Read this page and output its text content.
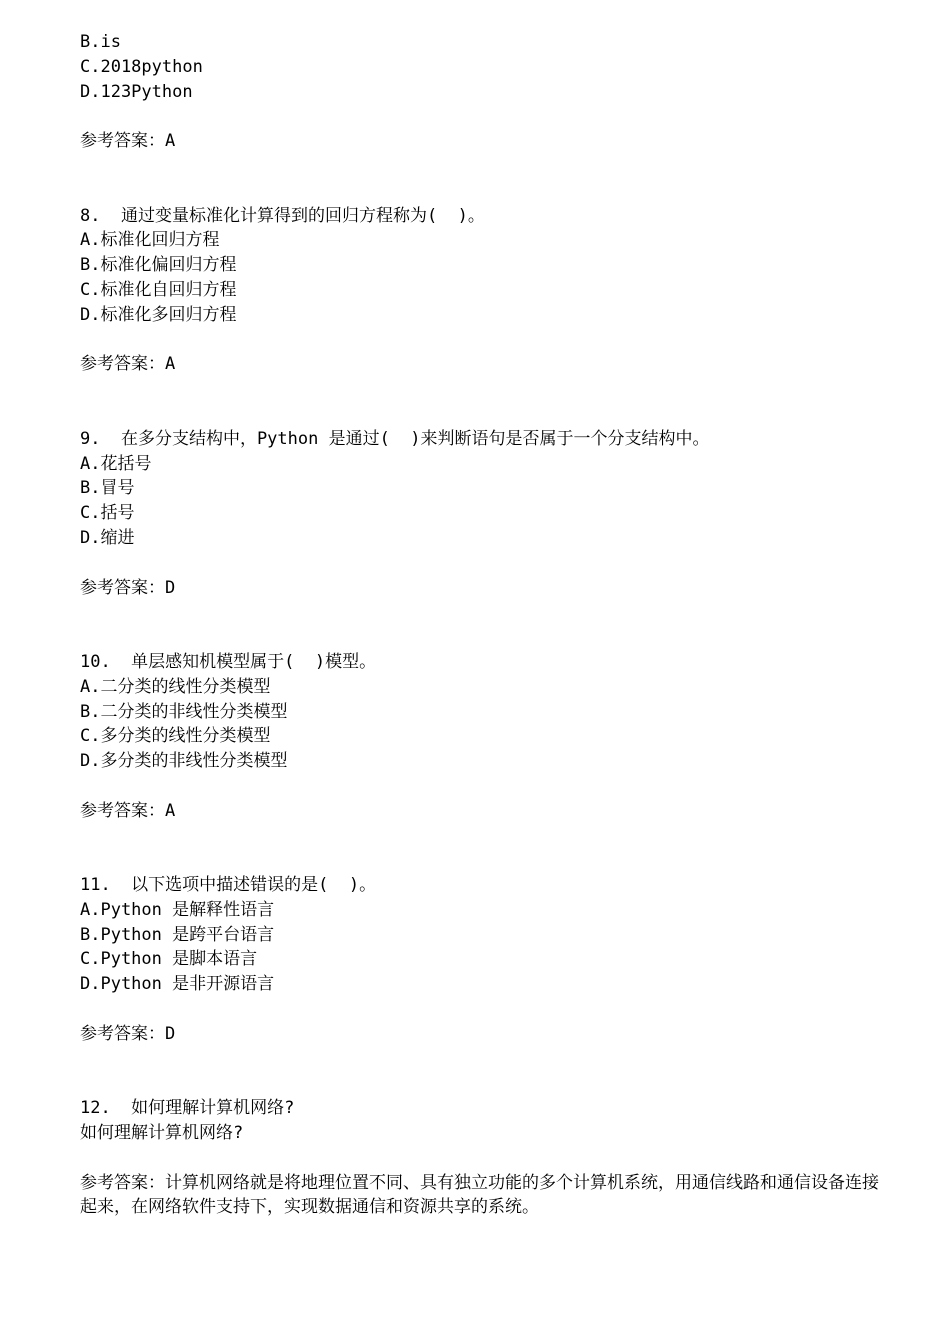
B.is

C.2018python

D.123Python

参考答案：A

8.  通过变量标准化计算得到的回归方程称为(  )。

A.标准化回归方程

B.标准化偏回归方程

C.标准化自回归方程

D.标准化多回归方程

参考答案：A

9.  在多分支结构中，Python 是通过(  )来判断语句是否属于一个分支结构中。

A.花括号

B.冒号

C.括号

D.缩进

参考答案：D

10.  单层感知机模型属于(  )模型。

A.二分类的线性分类模型

B.二分类的非线性分类模型

C.多分类的线性分类模型

D.多分类的非线性分类模型

参考答案：A

11.  以下选项中描述错误的是(  )。

A.Python 是解释性语言

B.Python 是跨平台语言

C.Python 是脚本语言

D.Python 是非开源语言

参考答案：D

12.  如何理解计算机网络?

如何理解计算机网络?

参考答案：计算机网络就是将地理位置不同、具有独立功能的多个计算机系统，用通信线路和通信设备连接起来，在网络软件支持下，实现数据通信和资源共享的系统。
